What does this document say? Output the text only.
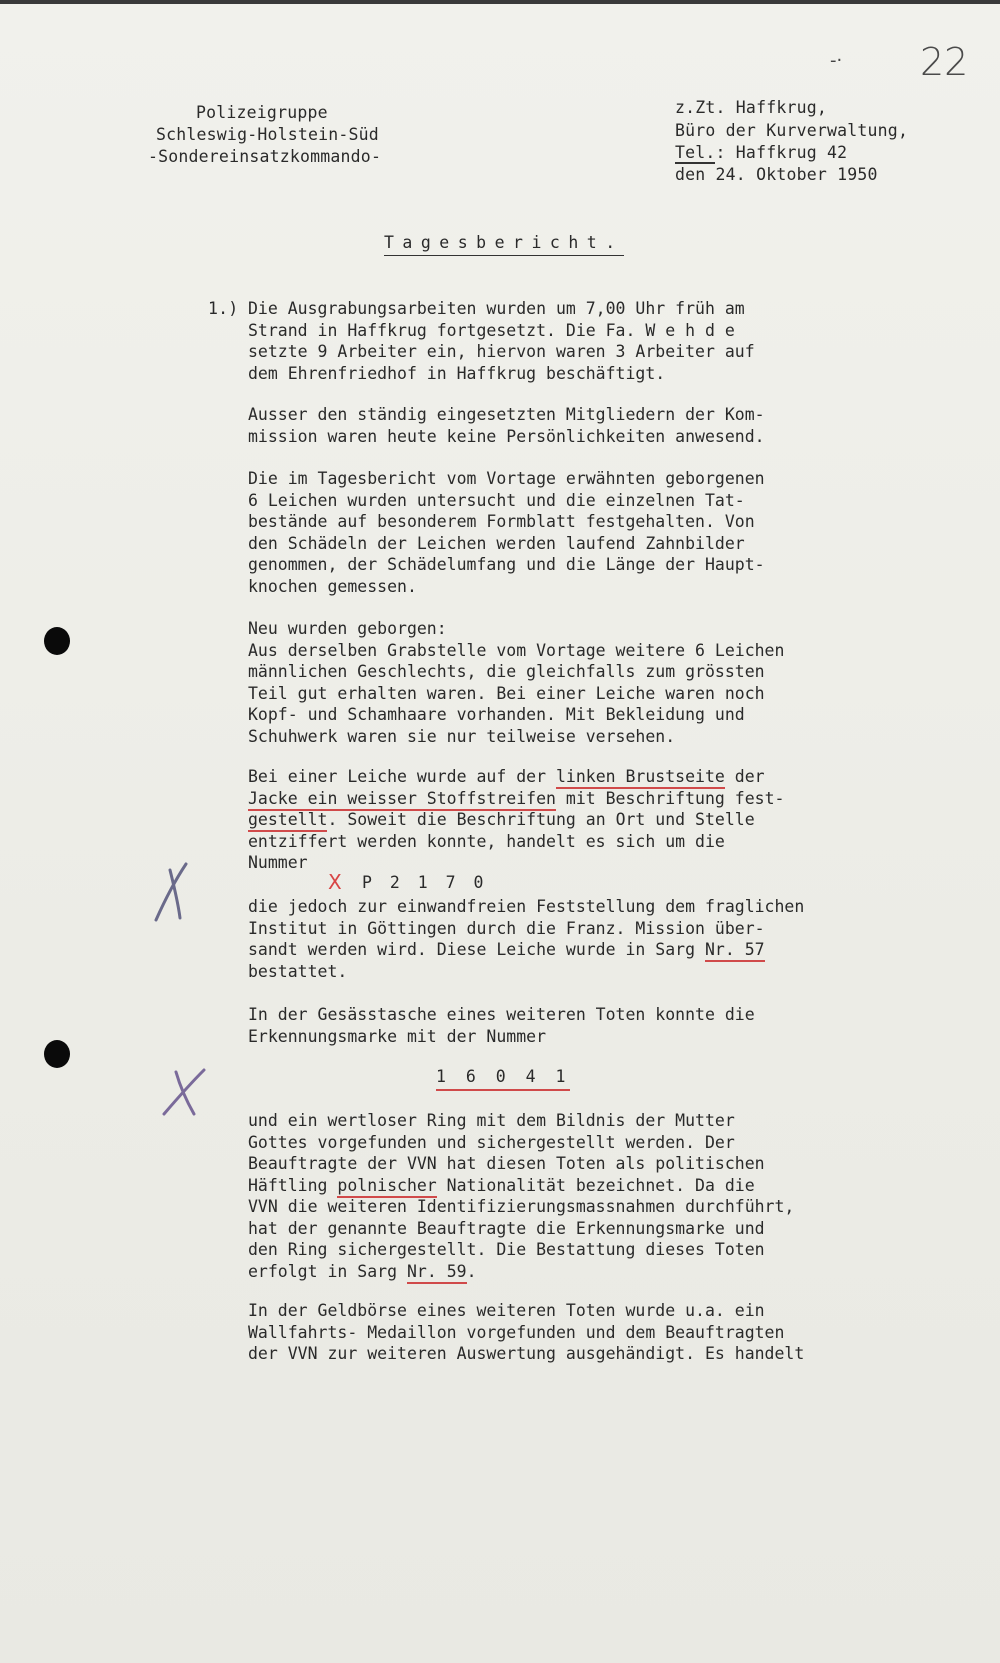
-· 22
Polizeigruppe
Schleswig-Holstein-Süd
-Sondereinsatzkommando-
z.Zt. Haffkrug,
Büro der Kurverwaltung,
Tel.: Haffkrug 42
den 24. Oktober 1950
Tagesbericht.
1.) Die Ausgrabungsarbeiten wurden um 7,00 Uhr früh am
Strand in Haffkrug fortgesetzt. Die Fa. W e h d e
setzte 9 Arbeiter ein, hiervon waren 3 Arbeiter auf
dem Ehrenfriedhof in Haffkrug beschäftigt.
Ausser den ständig eingesetzten Mitgliedern der Kom-
mission waren heute keine Persönlichkeiten anwesend.
Die im Tagesbericht vom Vortage erwähnten geborgenen
6 Leichen wurden untersucht und die einzelnen Tat-
bestände auf besonderem Formblatt festgehalten. Von
den Schädeln der Leichen werden laufend Zahnbilder
genommen, der Schädelumfang und die Länge der Haupt-
knochen gemessen.
Neu wurden geborgen:
Aus derselben Grabstelle vom Vortage weitere 6 Leichen
männlichen Geschlechts, die gleichfalls zum grössten
Teil gut erhalten waren. Bei einer Leiche waren noch
Kopf- und Schamhaare vorhanden. Mit Bekleidung und
Schuhwerk waren sie nur teilweise versehen.
Bei einer Leiche wurde auf der linken Brustseite der
Jacke ein weisser Stoffstreifen mit Beschriftung fest-
gestellt. Soweit die Beschriftung an Ort und Stelle
entziffert werden konnte, handelt es sich um die
Nummer
X P 2 1 7 0
die jedoch zur einwandfreien Feststellung dem fraglichen
Institut in Göttingen durch die Franz. Mission über-
sandt werden wird. Diese Leiche wurde in Sarg Nr. 57
bestattet.
In der Gesässtasche eines weiteren Toten konnte die
Erkennungsmarke mit der Nummer
1 6 0 4 1
und ein wertloser Ring mit dem Bildnis der Mutter
Gottes vorgefunden und sichergestellt werden. Der
Beauftragte der VVN hat diesen Toten als politischen
Häftling polnischer Nationalität bezeichnet. Da die
VVN die weiteren Identifizierungsmassnahmen durchführt,
hat der genannte Beauftragte die Erkennungsmarke und
den Ring sichergestellt. Die Bestattung dieses Toten
erfolgt in Sarg Nr. 59.
In der Geldbörse eines weiteren Toten wurde u.a. ein
Wallfahrts- Medaillon vorgefunden und dem Beauftragten
der VVN zur weiteren Auswertung ausgehändigt. Es handelt
